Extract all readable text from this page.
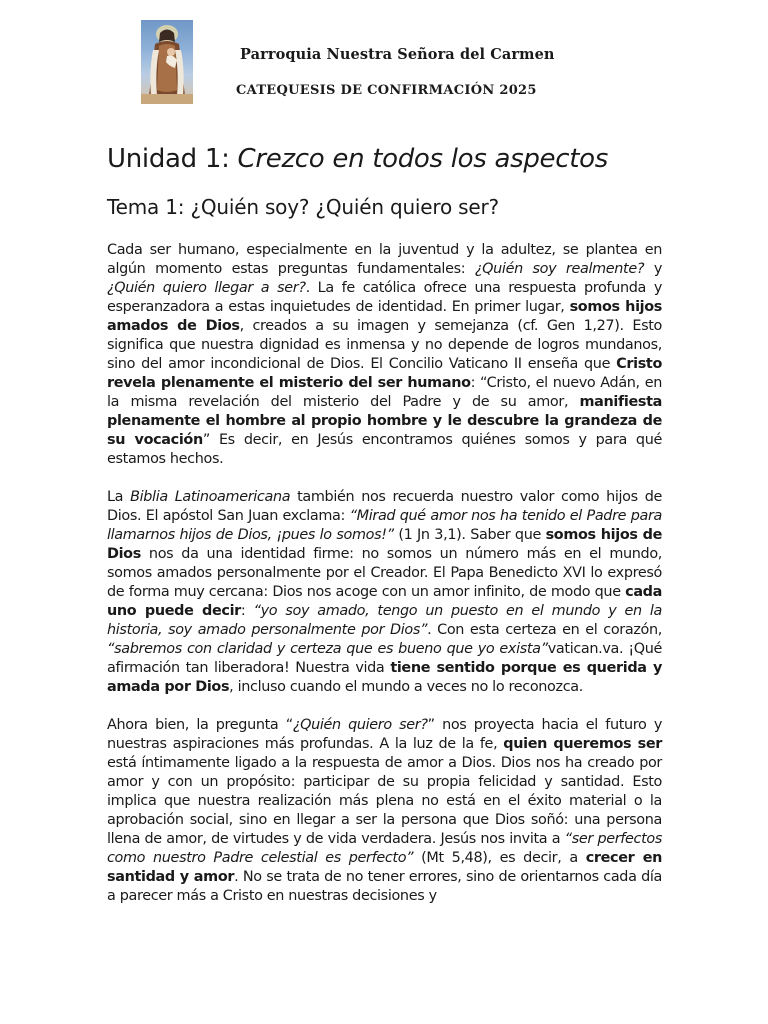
Parroquia Nuestra Señora del Carmen
CATEQUESIS DE CONFIRMACIÓN 2025
Unidad 1: Crezco en todos los aspectos
Tema 1: ¿Quién soy? ¿Quién quiero ser?

Cada ser humano, especialmente en la juventud y la adultez, se plantea en algún momento estas preguntas fundamentales: ¿Quién soy realmente? y ¿Quién quiero llegar a ser?. La fe católica ofrece una respuesta profunda y esperanzadora a estas inquietudes de identidad. En primer lugar, somos hijos amados de Dios, creados a su imagen y semejanza (cf. Gen 1,27). Esto significa que nuestra dignidad es inmensa y no depende de logros mundanos, sino del amor incondicional de Dios. El Concilio Vaticano II enseña que Cristo revela plenamente el misterio del ser humano: “Cristo, el nuevo Adán, en la misma revelación del misterio del Padre y de su amor, manifiesta plenamente el hombre al propio hombre y le descubre la grandeza de su vocación” Es decir, en Jesús encontramos quiénes somos y para qué estamos hechos.

La Biblia Latinoamericana también nos recuerda nuestro valor como hijos de Dios. El apóstol San Juan exclama: “Mirad qué amor nos ha tenido el Padre para llamarnos hijos de Dios, ¡pues lo somos!” (1 Jn 3,1). Saber que somos hijos de Dios nos da una identidad firme: no somos un número más en el mundo, somos amados personalmente por el Creador. El Papa Benedicto XVI lo expresó de forma muy cercana: Dios nos acoge con un amor infinito, de modo que cada uno puede decir: “yo soy amado, tengo un puesto en el mundo y en la historia, soy amado personalmente por Dios”. Con esta certeza en el corazón, “sabremos con claridad y certeza que es bueno que yo exista”vatican.va. ¡Qué afirmación tan liberadora! Nuestra vida tiene sentido porque es querida y amada por Dios, incluso cuando el mundo a veces no lo reconozca.

Ahora bien, la pregunta “¿Quién quiero ser?” nos proyecta hacia el futuro y nuestras aspiraciones más profundas. A la luz de la fe, quien queremos ser está íntimamente ligado a la respuesta de amor a Dios. Dios nos ha creado por amor y con un propósito: participar de su propia felicidad y santidad. Esto implica que nuestra realización más plena no está en el éxito material o la aprobación social, sino en llegar a ser la persona que Dios soñó: una persona llena de amor, de virtudes y de vida verdadera. Jesús nos invita a “ser perfectos como nuestro Padre celestial es perfecto” (Mt 5,48), es decir, a crecer en santidad y amor. No se trata de no tener errores, sino de orientarnos cada día a parecer más a Cristo en nuestras decisiones y
